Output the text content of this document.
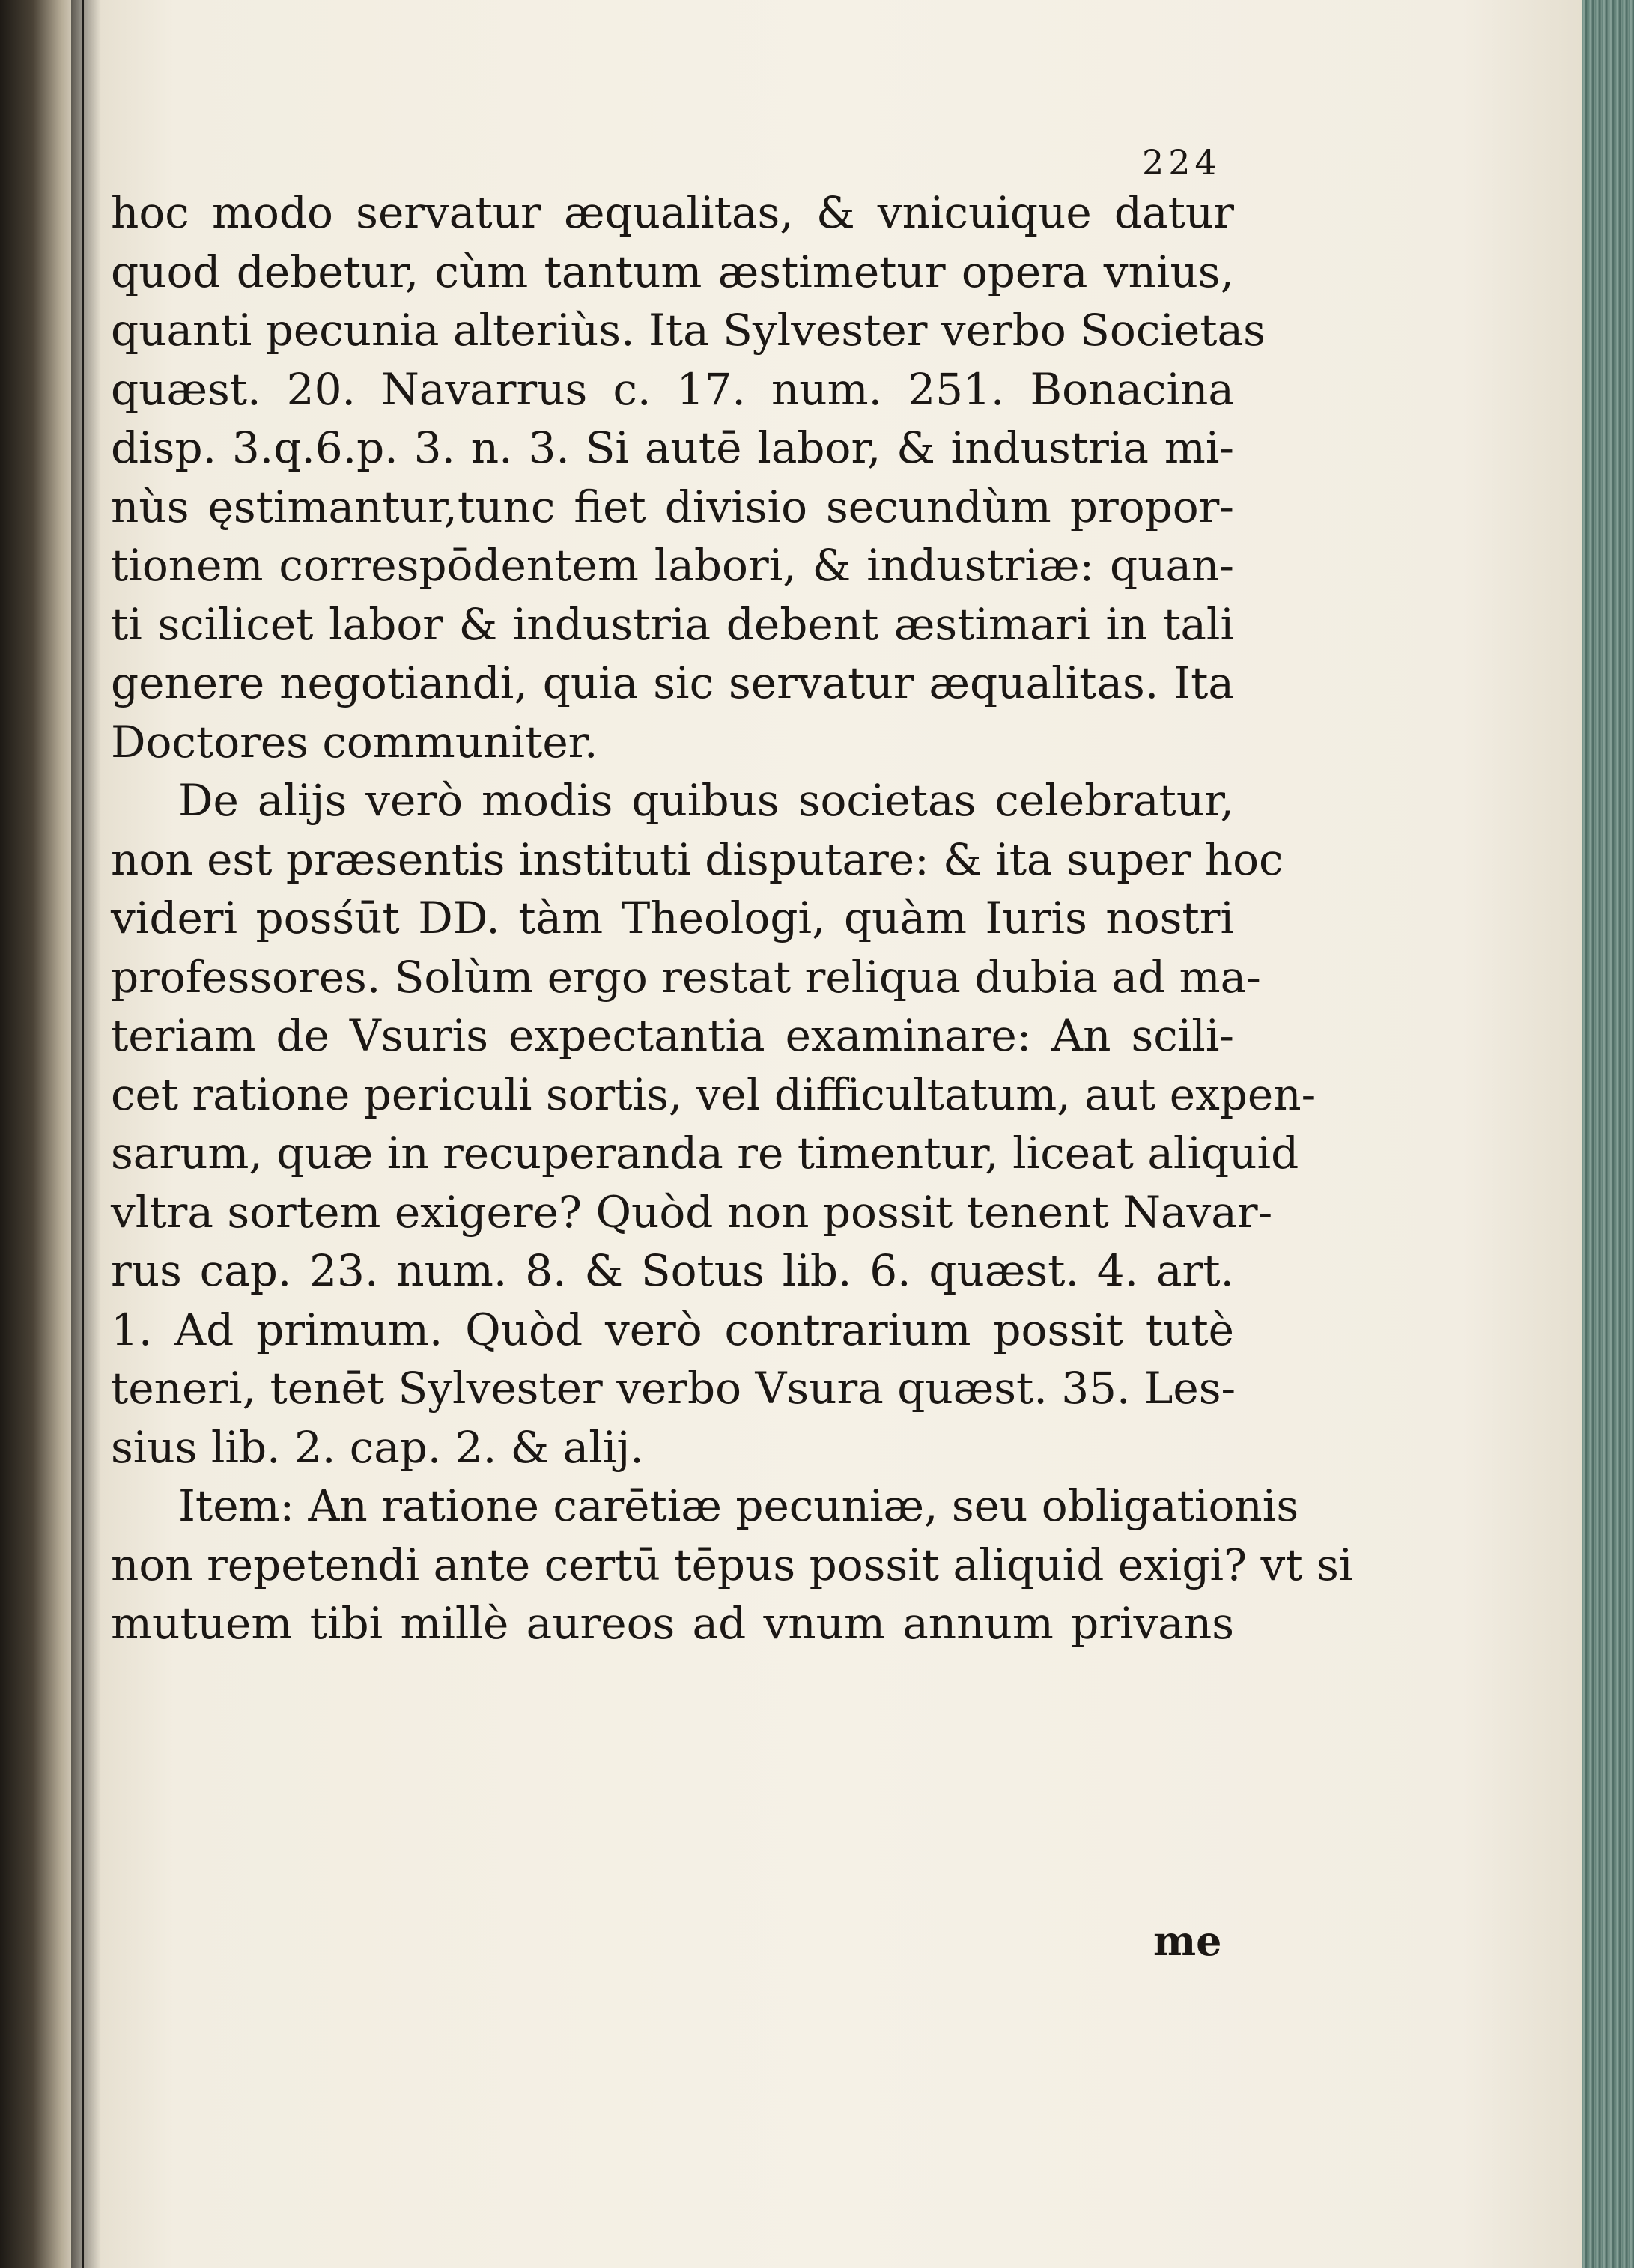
224
hoc modo servatur æqualitas, & vnicuique datur
quod debetur, cùm tantum æstimetur opera vnius,
quanti pecunia alteriùs. Ita Sylvester verbo Societas
quæst. 20. Navarrus c. 17. num. 251. Bonacina
disp. 3.q.6.p. 3. n. 3. Si autē labor, & industria mi-
nùs ęstimantur,tunc fiet divisio secundùm propor-
tionem correspōdentem labori, & industriæ: quan-
ti scilicet labor & industria debent æstimari in tali
genere negotiandi, quia sic servatur æqualitas. Ita
Doctores communiter.
De alijs verò modis quibus societas celebratur,
non est præsentis instituti disputare: & ita super hoc
videri posśūt DD. tàm Theologi, quàm Iuris nostri
professores. Solùm ergo restat reliqua dubia ad ma-
teriam de Vsuris expectantia examinare: An scili-
cet ratione periculi sortis, vel difficultatum, aut expen-
sarum, quæ in recuperanda re timentur, liceat aliquid
vltra sortem exigere? Quòd non possit tenent Navar-
rus cap. 23. num. 8. & Sotus lib. 6. quæst. 4. art.
1. Ad primum. Quòd verò contrarium possit tutè
teneri, tenēt Sylvester verbo Vsura quæst. 35. Les-
sius lib. 2. cap. 2. & alij.
Item: An ratione carētiæ pecuniæ, seu obligationis
non repetendi ante certū tēpus possit aliquid exigi? vt si
mutuem tibi millè aureos ad vnum annum privans
me
